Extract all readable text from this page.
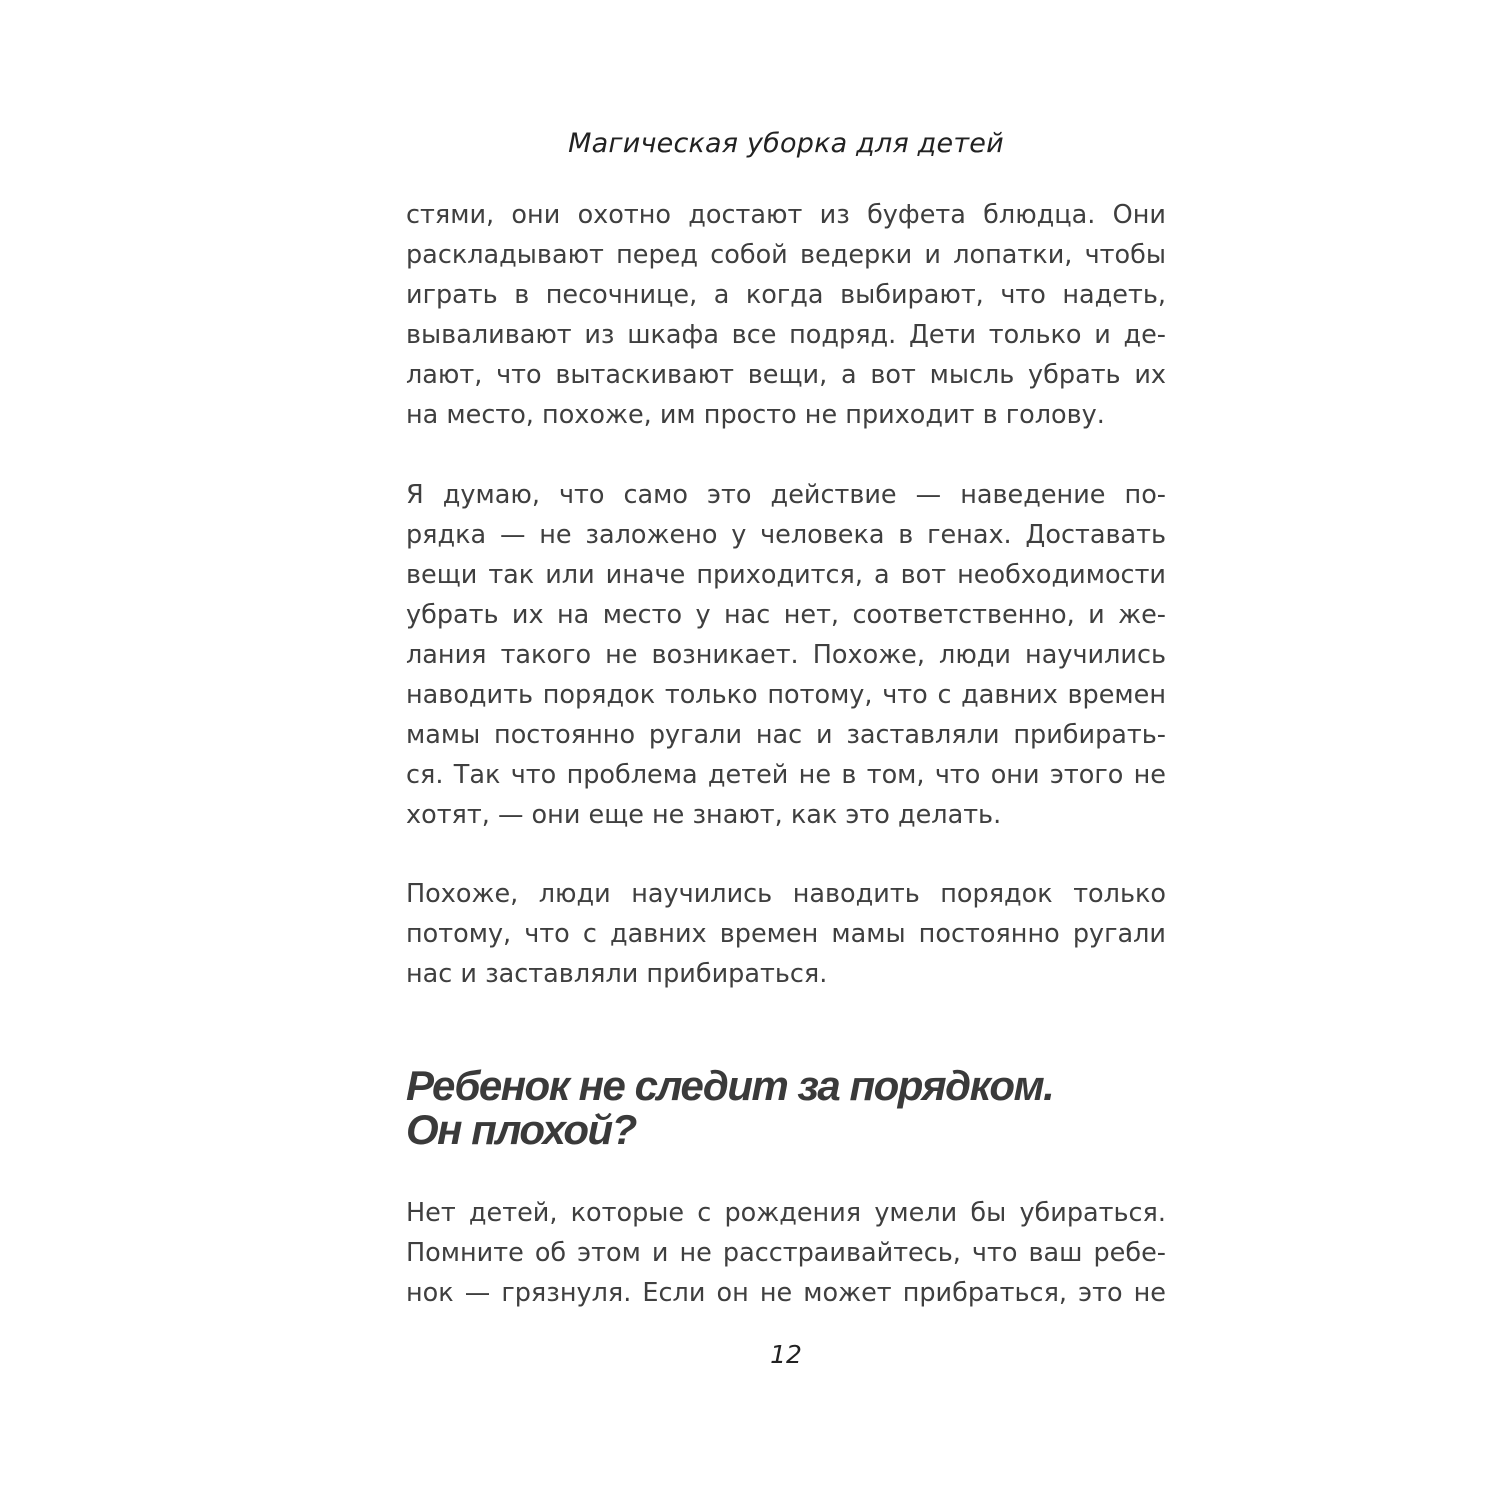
Магическая уборка для детей
стями, они охотно достают из буфета блюдца. Они
раскладывают перед собой ведерки и лопатки, чтобы
играть в песочнице, а когда выбирают, что надеть,
вываливают из шкафа все подряд. Дети только и де-
лают, что вытаскивают вещи, а вот мысль убрать их
на место, похоже, им просто не приходит в голову.
Я думаю, что само это действие — наведение по-
рядка — не заложено у человека в генах. Доставать
вещи так или иначе приходится, а вот необходимости
убрать их на место у нас нет, соответственно, и же-
лания такого не возникает. Похоже, люди научились
наводить порядок только потому, что с давних времен
мамы постоянно ругали нас и заставляли прибирать-
ся. Так что проблема детей не в том, что они этого не
хотят, — они еще не знают, как это делать.
Похоже, люди научились наводить порядок только
потому, что с давних времен мамы постоянно ругали
нас и заставляли прибираться.
Ребенок не следит за порядком.
Он плохой?
Нет детей, которые с рождения умели бы убираться.
Помните об этом и не расстраивайтесь, что ваш ребе-
нок — грязнуля. Если он не может прибраться, это не
12
